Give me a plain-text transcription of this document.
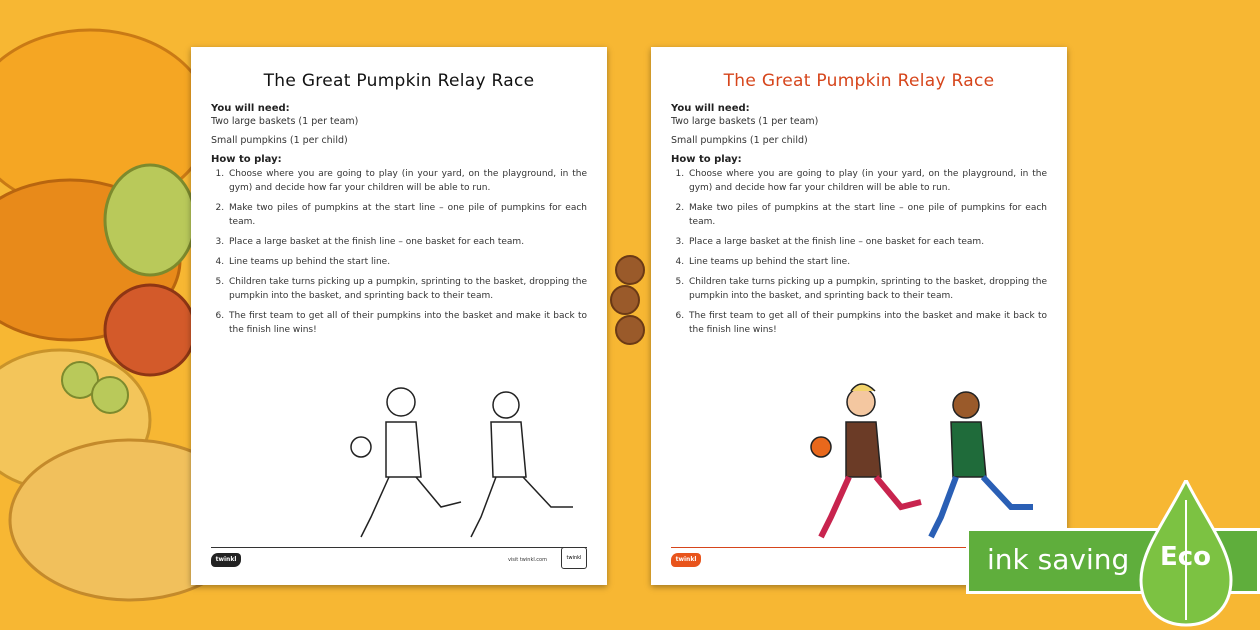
The Great Pumpkin Relay Race
You will need:
Two large baskets (1 per team)
Small pumpkins (1 per child)
How to play:
1. Choose where you are going to play (in your yard, on the playground, in the gym) and decide how far your children will be able to run.
2. Make two piles of pumpkins at the start line – one pile of pumpkins for each team.
3. Place a large basket at the finish line – one basket for each team.
4. Line teams up behind the start line.
5. Children take turns picking up a pumpkin, sprinting to the basket, dropping the pumpkin into the basket, and sprinting back to their team.
6. The first team to get all of their pumpkins into the basket and make it back to the finish line wins!
twinkl	visit twinkl.com	twinkl
The Great Pumpkin Relay Race
You will need:
Two large baskets (1 per team)
Small pumpkins (1 per child)
How to play:
1. Choose where you are going to play (in your yard, on the playground, in the gym) and decide how far your children will be able to run.
2. Make two piles of pumpkins at the start line – one pile of pumpkins for each team.
3. Place a large basket at the finish line – one basket for each team.
4. Line teams up behind the start line.
5. Children take turns picking up a pumpkin, sprinting to the basket, dropping the pumpkin into the basket, and sprinting back to their team.
6. The first team to get all of their pumpkins into the basket and make it back to the finish line wins!
twinkl	ink saving Eco
